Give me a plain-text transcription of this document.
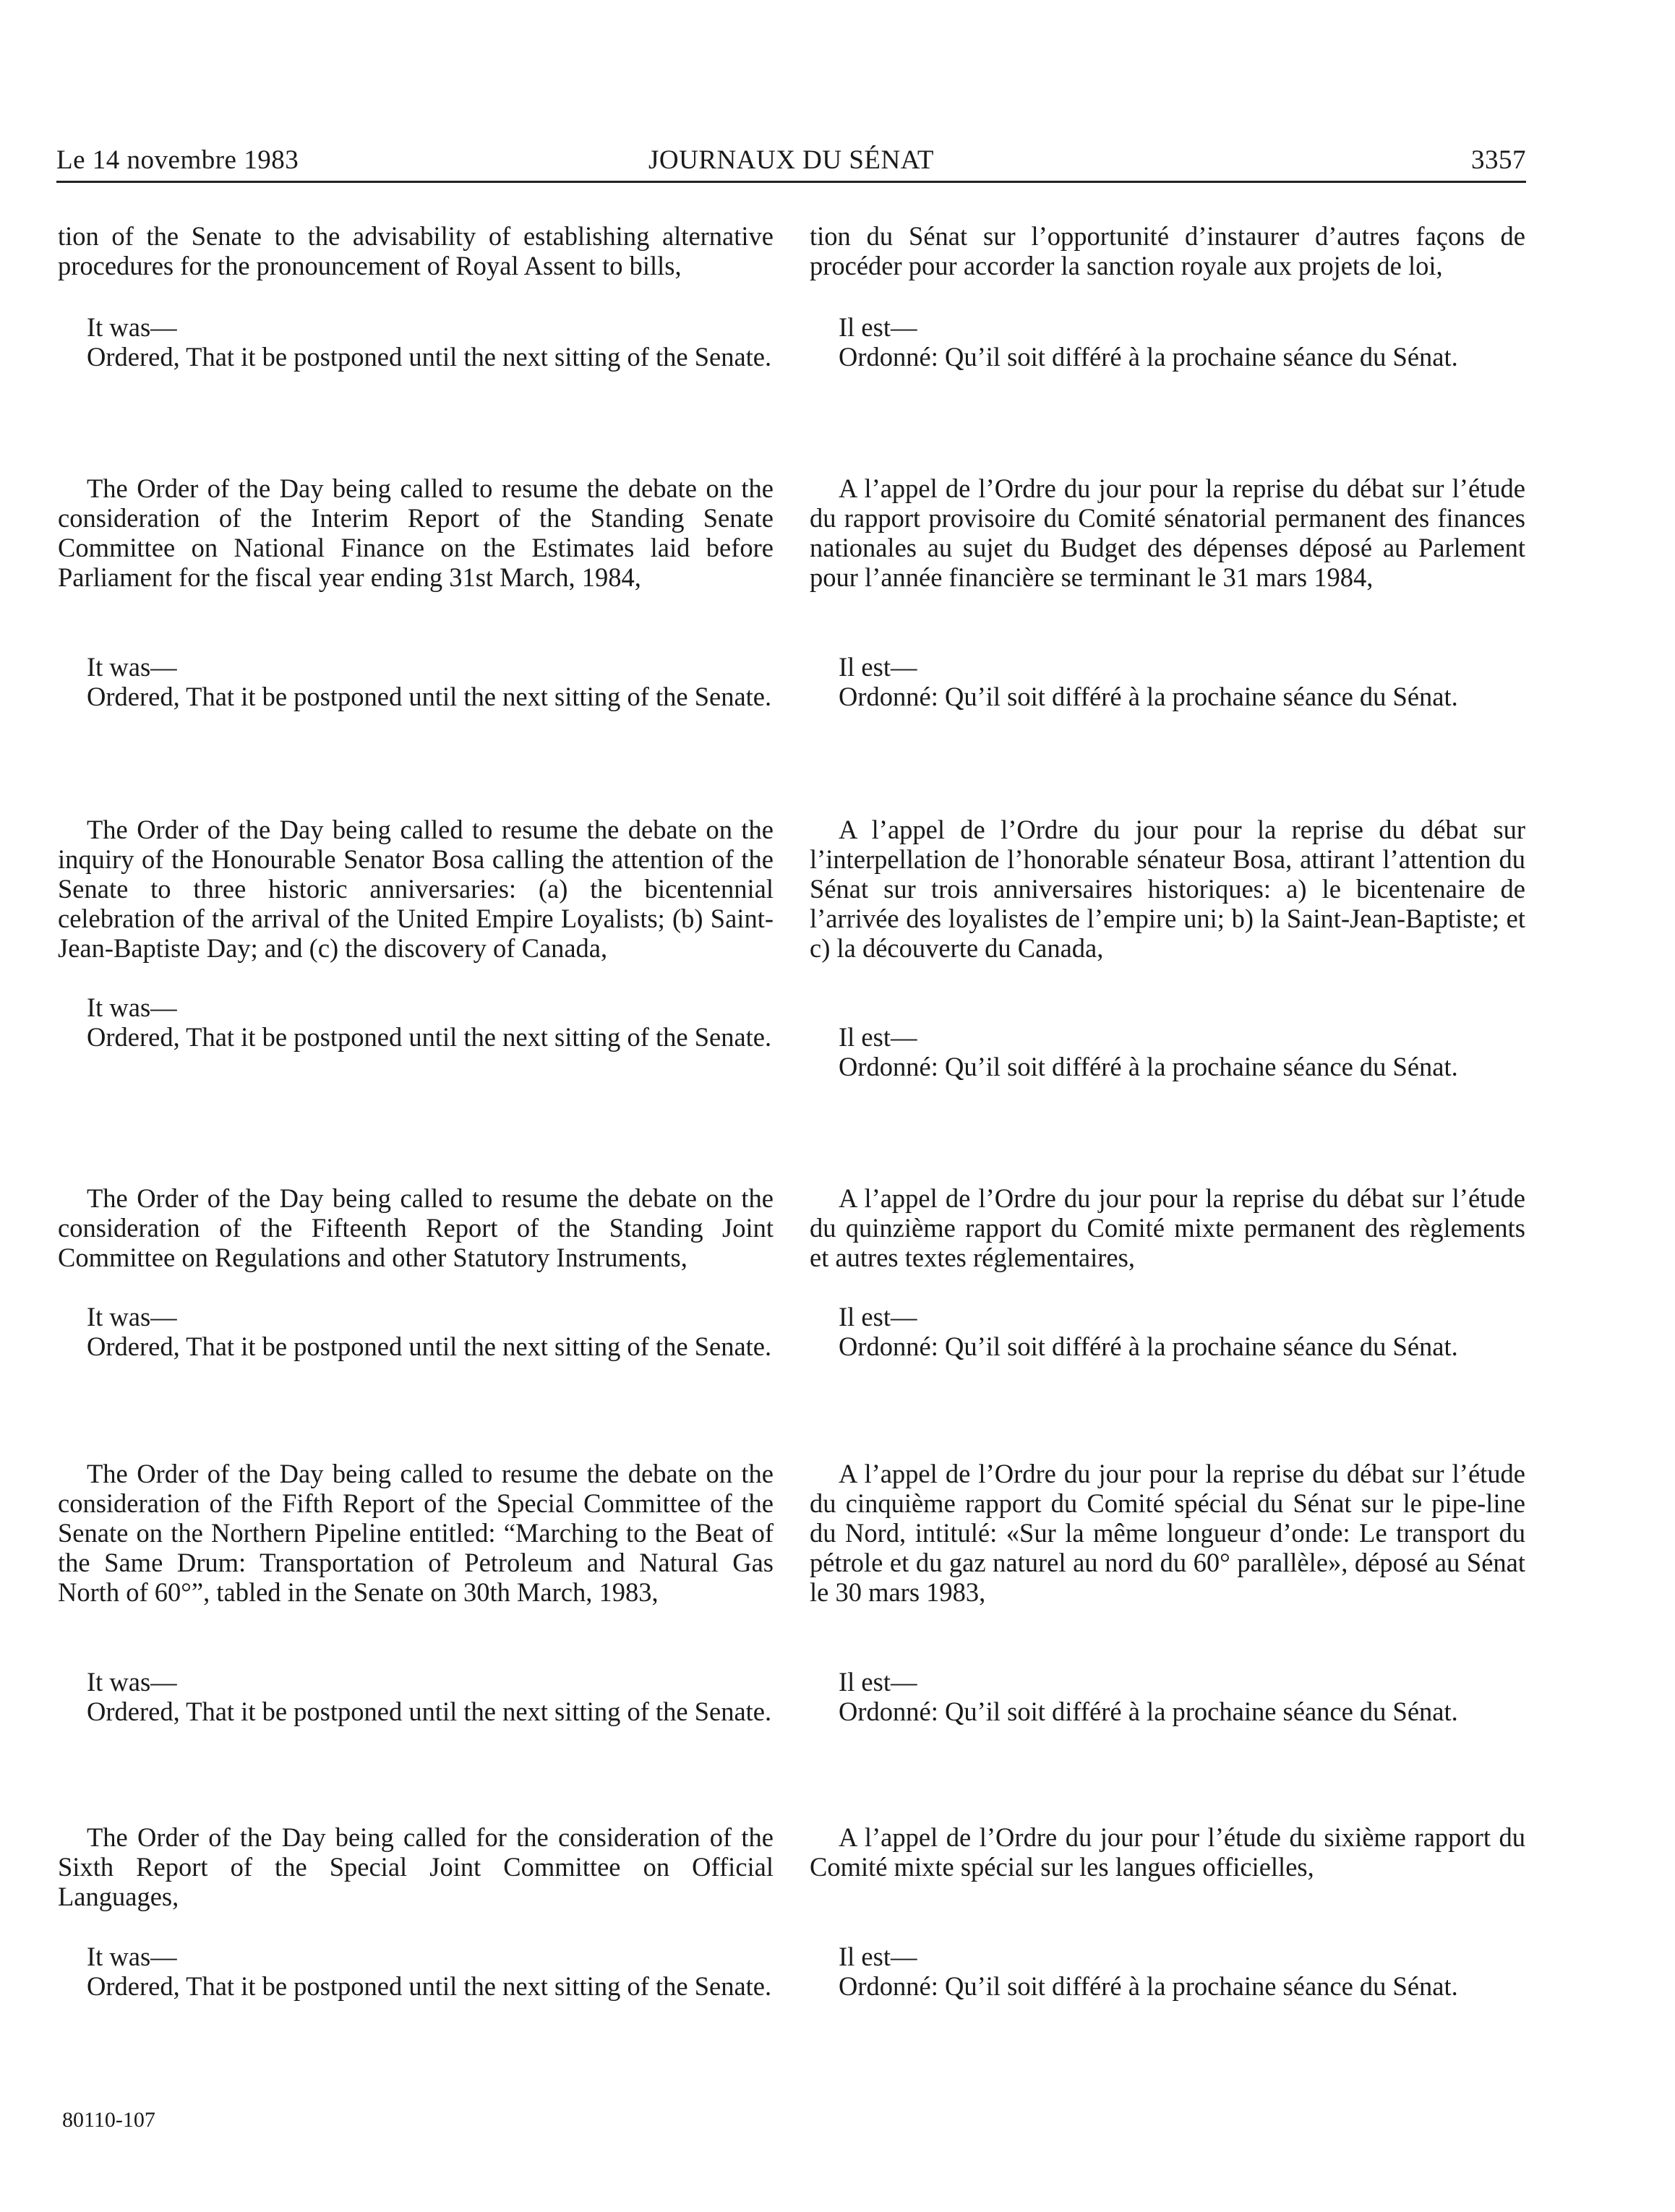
Le 14 novembre 1983	JOURNAUX DU SÉNAT	3357

tion of the Senate to the advisability of establishing alternative procedures for the pronouncement of Royal Assent to bills,

It was—

Ordered, That it be postponed until the next sitting of the Senate.

The Order of the Day being called to resume the debate on the consideration of the Interim Report of the Standing Senate Committee on National Finance on the Estimates laid before Parliament for the fiscal year ending 31st March, 1984,

It was—

Ordered, That it be postponed until the next sitting of the Senate.

The Order of the Day being called to resume the debate on the inquiry of the Honourable Senator Bosa calling the attention of the Senate to three historic anniversaries: (a) the bicentennial celebration of the arrival of the United Empire Loyalists; (b) Saint-Jean-Baptiste Day; and (c) the discovery of Canada,

It was—

Ordered, That it be postponed until the next sitting of the Senate.

The Order of the Day being called to resume the debate on the consideration of the Fifteenth Report of the Standing Joint Committee on Regulations and other Statutory Instruments,

It was—

Ordered, That it be postponed until the next sitting of the Senate.

The Order of the Day being called to resume the debate on the consideration of the Fifth Report of the Special Committee of the Senate on the Northern Pipeline entitled: “Marching to the Beat of the Same Drum: Transportation of Petroleum and Natural Gas North of 60°”, tabled in the Senate on 30th March, 1983,

It was—

Ordered, That it be postponed until the next sitting of the Senate.

The Order of the Day being called for the consideration of the Sixth Report of the Special Joint Committee on Official Languages,

It was—

Ordered, That it be postponed until the next sitting of the Senate.

tion du Sénat sur l’opportunité d’instaurer d’autres façons de procéder pour accorder la sanction royale aux projets de loi,

Il est—

Ordonné: Qu’il soit différé à la prochaine séance du Sénat.

A l’appel de l’Ordre du jour pour la reprise du débat sur l’étude du rapport provisoire du Comité sénatorial permanent des finances nationales au sujet du Budget des dépenses déposé au Parlement pour l’année financière se terminant le 31 mars 1984,

Il est—

Ordonné: Qu’il soit différé à la prochaine séance du Sénat.

A l’appel de l’Ordre du jour pour la reprise du débat sur l’interpellation de l’honorable sénateur Bosa, attirant l’attention du Sénat sur trois anniversaires historiques: a) le bicentenaire de l’arrivée des loyalistes de l’empire uni; b) la Saint-Jean-Baptiste; et c) la découverte du Canada,

Il est—

Ordonné: Qu’il soit différé à la prochaine séance du Sénat.

A l’appel de l’Ordre du jour pour la reprise du débat sur l’étude du quinzième rapport du Comité mixte permanent des règlements et autres textes réglementaires,

Il est—

Ordonné: Qu’il soit différé à la prochaine séance du Sénat.

A l’appel de l’Ordre du jour pour la reprise du débat sur l’étude du cinquième rapport du Comité spécial du Sénat sur le pipe-line du Nord, intitulé: «Sur la même longueur d’onde: Le transport du pétrole et du gaz naturel au nord du 60° parallèle», déposé au Sénat le 30 mars 1983,

Il est—

Ordonné: Qu’il soit différé à la prochaine séance du Sénat.

A l’appel de l’Ordre du jour pour l’étude du sixième rapport du Comité mixte spécial sur les langues officielles,

Il est—

Ordonné: Qu’il soit différé à la prochaine séance du Sénat.

80110-107
